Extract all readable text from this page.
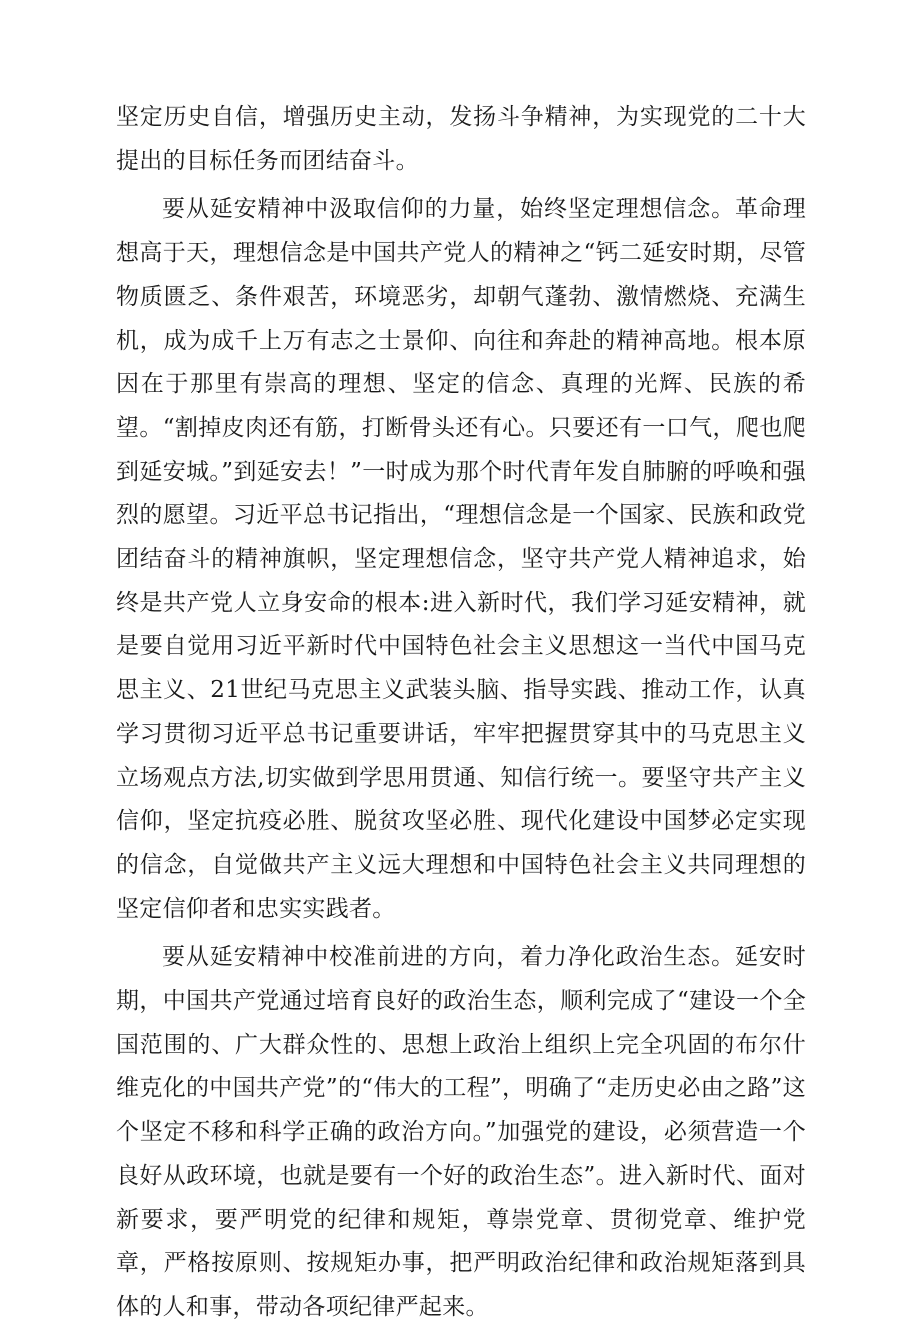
坚定历史自信，增强历史主动，发扬斗争精神，为实现党的二十大提出的目标任务而团结奋斗。

要从延安精神中汲取信仰的力量，始终坚定理想信念。革命理想高于天，理想信念是中国共产党人的精神之“钙二延安时期，尽管物质匮乏、条件艰苦，环境恶劣，却朝气蓬勃、激情燃烧、充满生机，成为成千上万有志之士景仰、向往和奔赴的精神高地。根本原因在于那里有崇高的理想、坚定的信念、真理的光辉、民族的希望。“割掉皮肉还有筋，打断骨头还有心。只要还有一口气，爬也爬到延安城。”到延安去！”一时成为那个时代青年发自肺腑的呼唤和强烈的愿望。习近平总书记指出，“理想信念是一个国家、民族和政党团结奋斗的精神旗帜，坚定理想信念，坚守共产党人精神追求，始终是共产党人立身安命的根本:进入新时代，我们学习延安精神，就是要自觉用习近平新时代中国特色社会主义思想这一当代中国马克思主义、21世纪马克思主义武装头脑、指导实践、推动工作，认真学习贯彻习近平总书记重要讲话，牢牢把握贯穿其中的马克思主义立场观点方法,切实做到学思用贯通、知信行统一。要坚守共产主义信仰，坚定抗疫必胜、脱贫攻坚必胜、现代化建设中国梦必定实现的信念，自觉做共产主义远大理想和中国特色社会主义共同理想的坚定信仰者和忠实实践者。

要从延安精神中校准前进的方向，着力净化政治生态。延安时期，中国共产党通过培育良好的政治生态，顺利完成了“建设一个全国范围的、广大群众性的、思想上政治上组织上完全巩固的布尔什维克化的中国共产党”的“伟大的工程”，明确了“走历史必由之路”这个坚定不移和科学正确的政治方向。”加强党的建设，必须营造一个良好从政环境，也就是要有一个好的政治生态”。进入新时代、面对新要求，要严明党的纪律和规矩，尊崇党章、贯彻党章、维护党章，严格按原则、按规矩办事，把严明政治纪律和政治规矩落到具体的人和事，带动各项纪律严起来。
